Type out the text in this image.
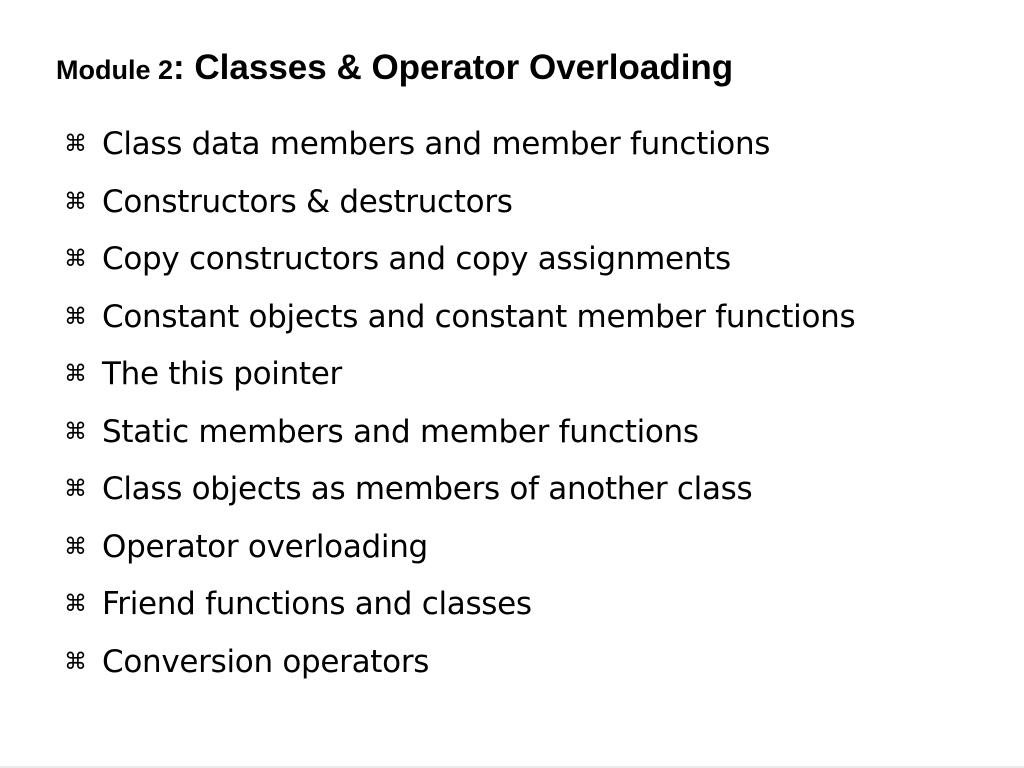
Module 2: Classes & Operator Overloading
⌘ Class data members and member functions
⌘ Constructors & destructors
⌘ Copy constructors and copy assignments
⌘ Constant objects and constant member functions
⌘ The this pointer
⌘ Static members and member functions
⌘ Class objects as members of another class
⌘ Operator overloading
⌘ Friend functions and classes
⌘ Conversion operators
